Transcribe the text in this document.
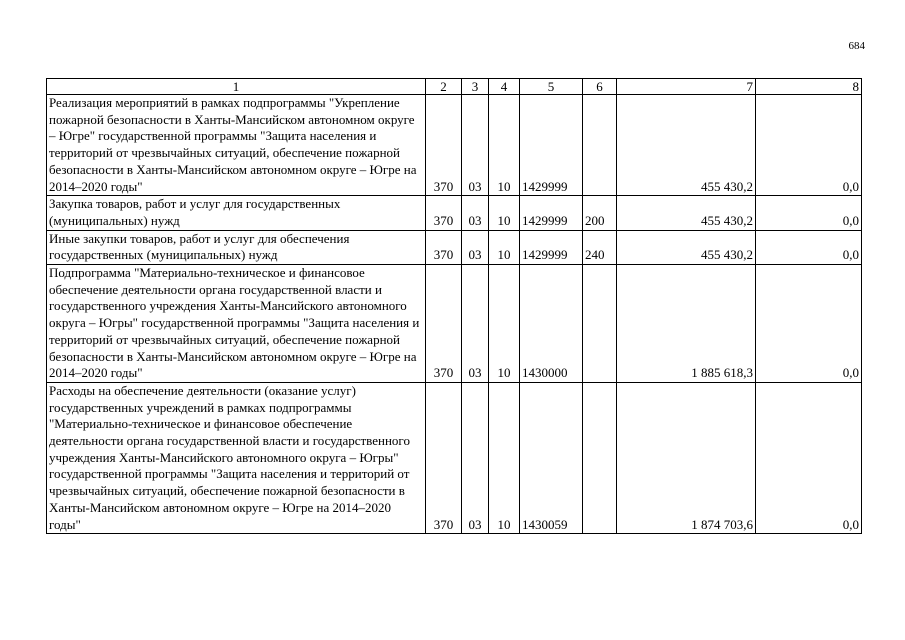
684
1	2	3	4	5	6	7	8
Реализация мероприятий в рамках подпрограммы "Укрепление пожарной безопасности в Ханты-Мансийском автономном округе – Югре" государственной программы "Защита населения и территорий от чрезвычайных ситуаций, обеспечение пожарной безопасности в Ханты-Мансийском автономном округе – Югре на 2014–2020 годы"	370	03	10	1429999		455 430,2	0,0
Закупка товаров, работ и услуг для государственных (муниципальных) нужд	370	03	10	1429999	200	455 430,2	0,0
Иные закупки товаров, работ и услуг для обеспечения государственных (муниципальных) нужд	370	03	10	1429999	240	455 430,2	0,0
Подпрограмма "Материально-техническое и финансовое обеспечение деятельности органа государственной власти и государственного учреждения Ханты-Мансийского автономного округа – Югры" государственной программы "Защита населения и территорий от чрезвычайных ситуаций, обеспечение пожарной безопасности в Ханты-Мансийском автономном округе – Югре на 2014–2020 годы"	370	03	10	1430000		1 885 618,3	0,0
Расходы на обеспечение деятельности (оказание услуг) государственных учреждений в рамках подпрограммы "Материально-техническое и финансовое обеспечение деятельности органа государственной власти и государственного учреждения Ханты-Мансийского автономного округа – Югры" государственной программы "Защита населения и территорий от чрезвычайных ситуаций, обеспечение пожарной безопасности в Ханты-Мансийском автономном округе – Югре на 2014–2020 годы"	370	03	10	1430059		1 874 703,6	0,0
